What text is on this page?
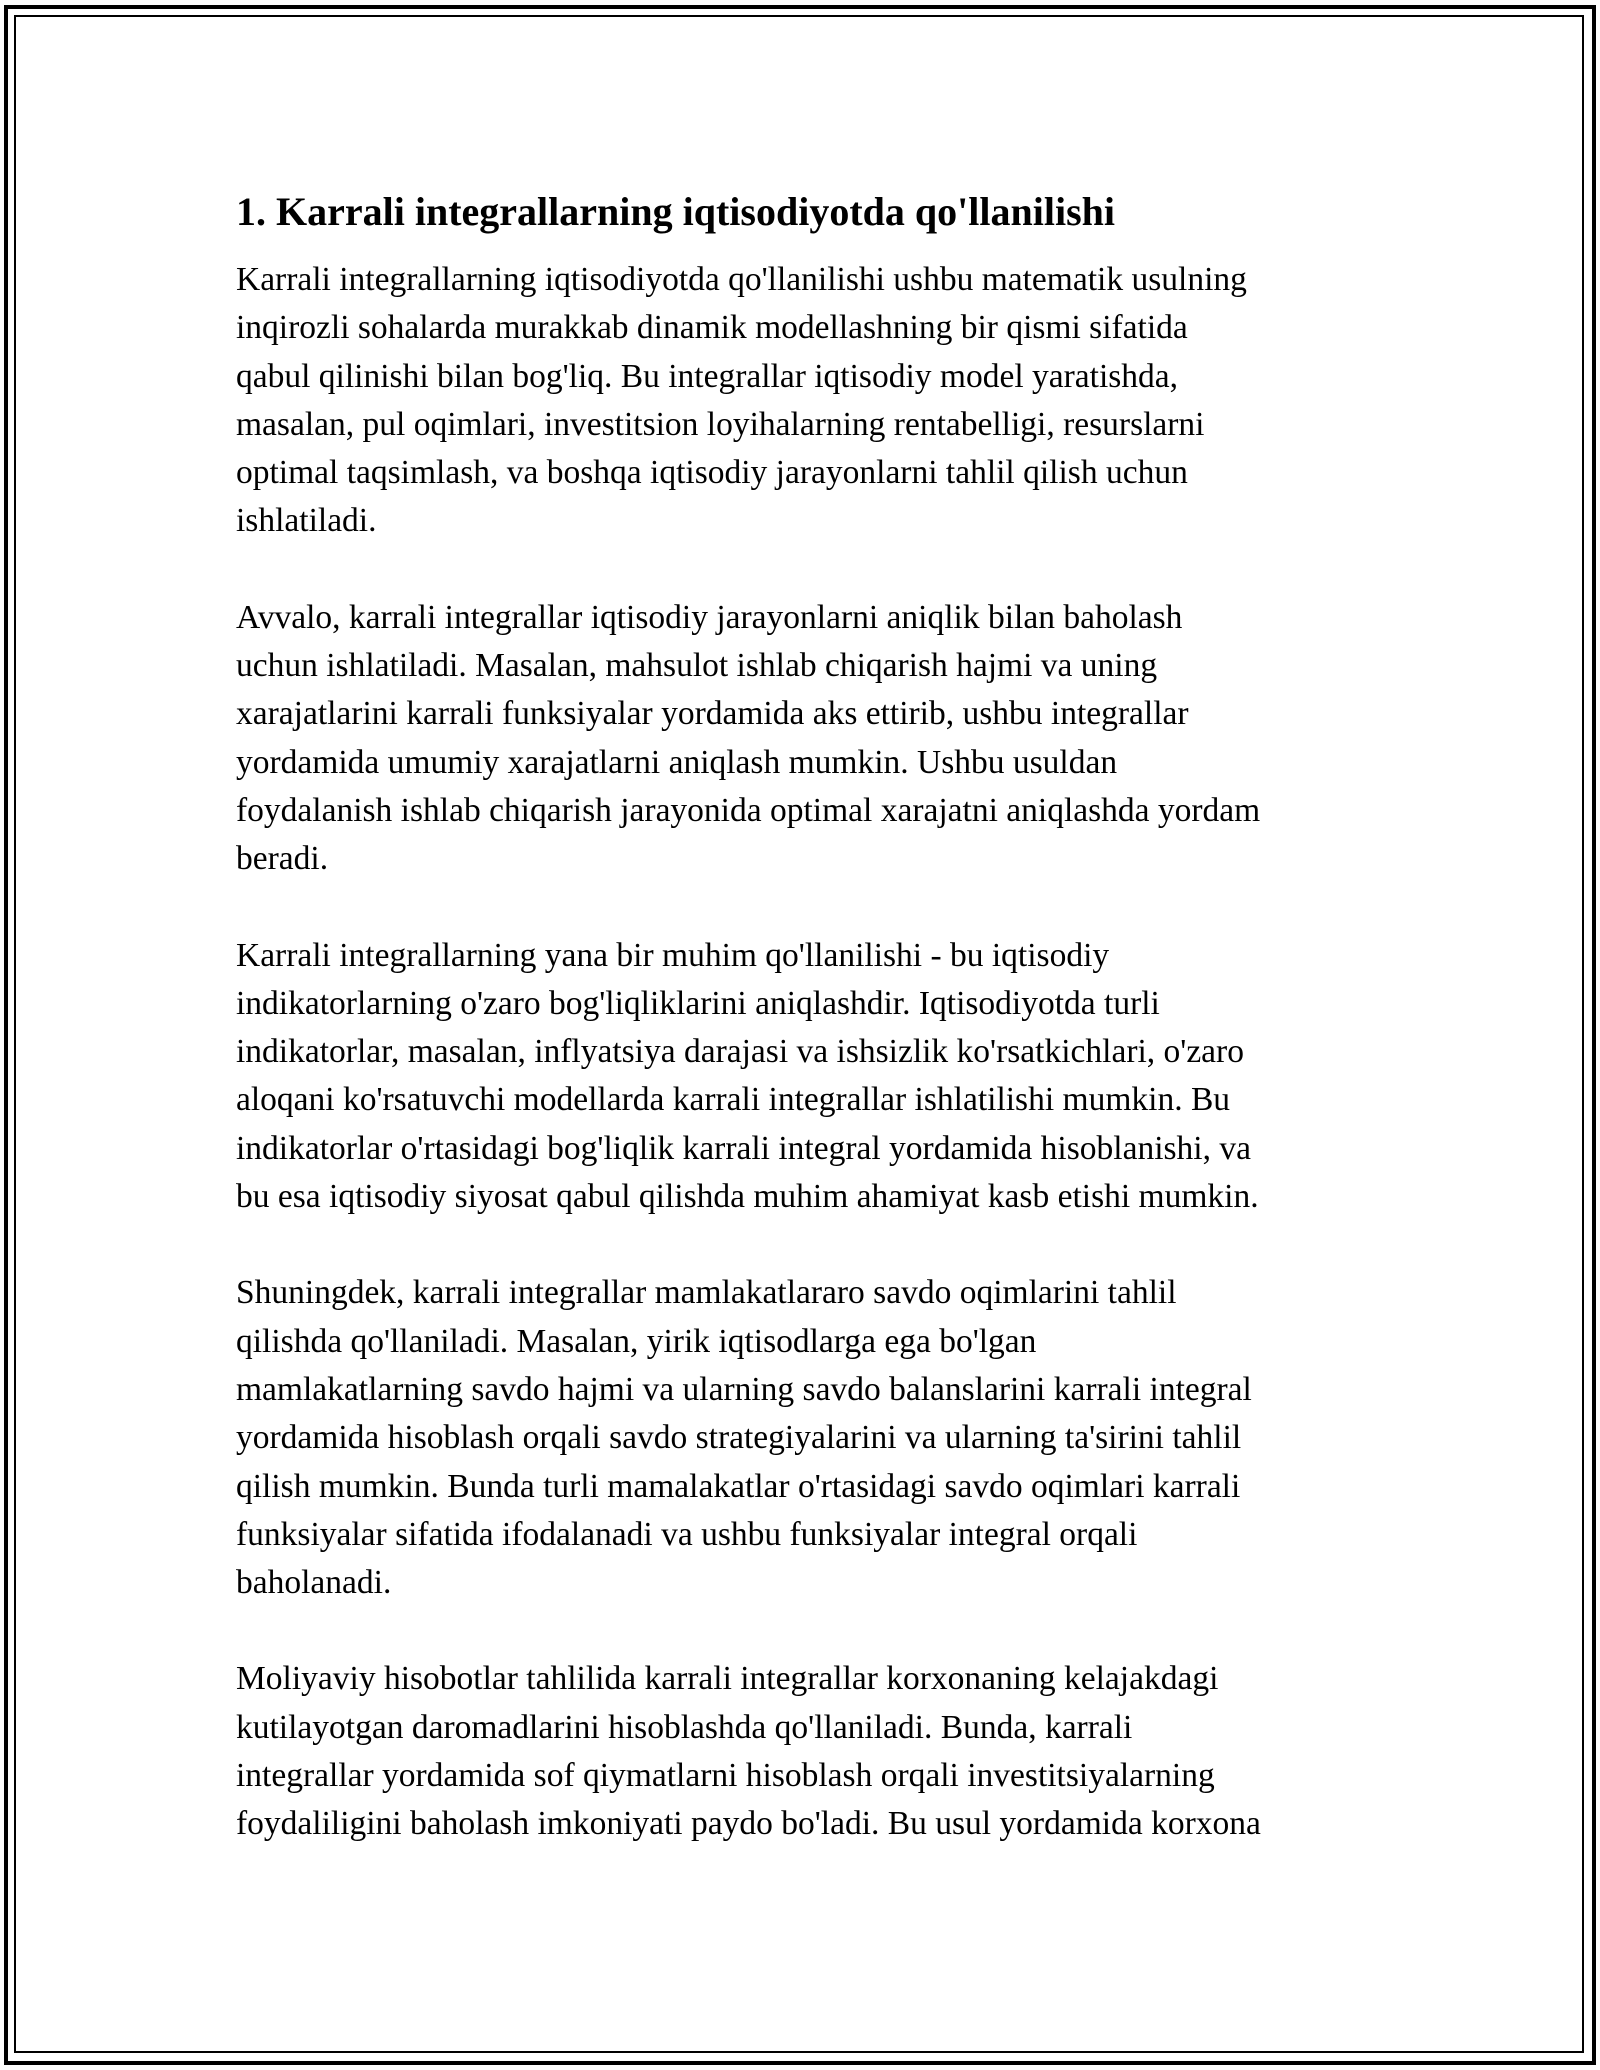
1. Karrali integrallarning iqtisodiyotda qo'llanilishi

Karrali integrallarning iqtisodiyotda qo'llanilishi ushbu matematik usulning
inqirozli sohalarda murakkab dinamik modellashning bir qismi sifatida
qabul qilinishi bilan bog'liq. Bu integrallar iqtisodiy model yaratishda,
masalan, pul oqimlari, investitsion loyihalarning rentabelligi, resurslarni
optimal taqsimlash, va boshqa iqtisodiy jarayonlarni tahlil qilish uchun
ishlatiladi.

Avvalo, karrali integrallar iqtisodiy jarayonlarni aniqlik bilan baholash
uchun ishlatiladi. Masalan, mahsulot ishlab chiqarish hajmi va uning
xarajatlarini karrali funksiyalar yordamida aks ettirib, ushbu integrallar
yordamida umumiy xarajatlarni aniqlash mumkin. Ushbu usuldan
foydalanish ishlab chiqarish jarayonida optimal xarajatni aniqlashda yordam
beradi.

Karrali integrallarning yana bir muhim qo'llanilishi - bu iqtisodiy
indikatorlarning o'zaro bog'liqliklarini aniqlashdir. Iqtisodiyotda turli
indikatorlar, masalan, inflyatsiya darajasi va ishsizlik ko'rsatkichlari, o'zaro
aloqani ko'rsatuvchi modellarda karrali integrallar ishlatilishi mumkin. Bu
indikatorlar o'rtasidagi bog'liqlik karrali integral yordamida hisoblanishi, va
bu esa iqtisodiy siyosat qabul qilishda muhim ahamiyat kasb etishi mumkin.

Shuningdek, karrali integrallar mamlakatlararo savdo oqimlarini tahlil
qilishda qo'llaniladi. Masalan, yirik iqtisodlarga ega bo'lgan
mamlakatlarning savdo hajmi va ularning savdo balanslarini karrali integral
yordamida hisoblash orqali savdo strategiyalarini va ularning ta'sirini tahlil
qilish mumkin. Bunda turli mamalakatlar o'rtasidagi savdo oqimlari karrali
funksiyalar sifatida ifodalanadi va ushbu funksiyalar integral orqali
baholanadi.

Moliyaviy hisobotlar tahlilida karrali integrallar korxonaning kelajakdagi
kutilayotgan daromadlarini hisoblashda qo'llaniladi. Bunda, karrali
integrallar yordamida sof qiymatlarni hisoblash orqali investitsiyalarning
foydaliligini baholash imkoniyati paydo bo'ladi. Bu usul yordamida korxona
